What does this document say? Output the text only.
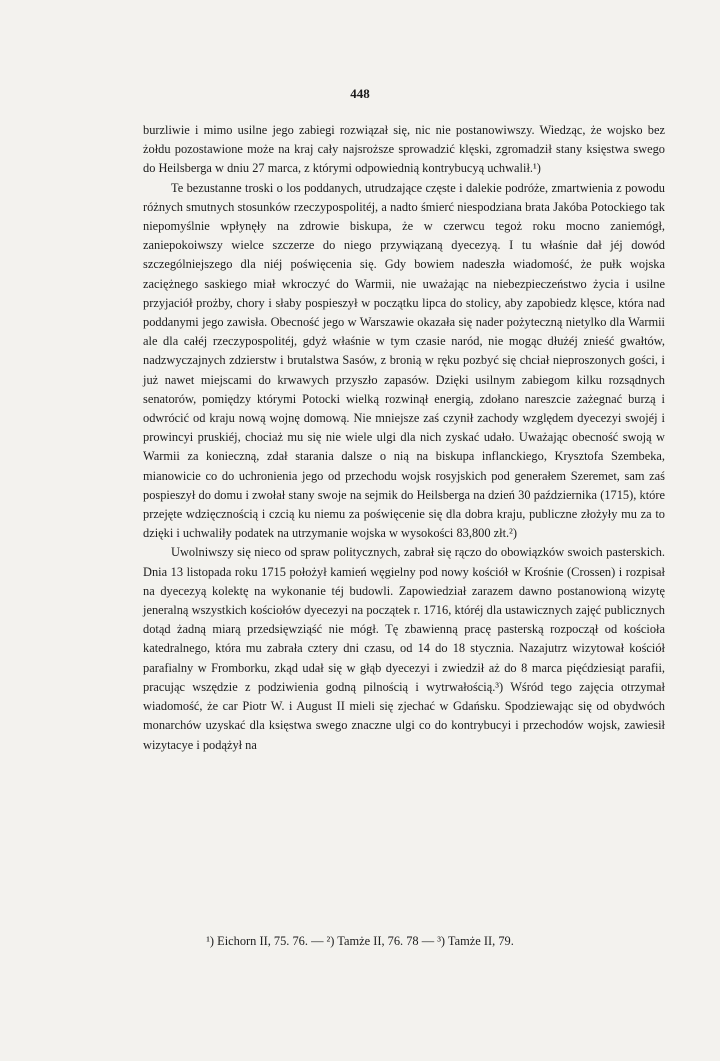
448

burzliwie i mimo usilne jego zabiegi rozwiązał się, nic nie postanowiwszy. Wiedząc, że wojsko bez żołdu pozostawione może na kraj cały najsroższe sprowadzić klęski, zgromadził stany księstwa swego do Heilsberga w dniu 27 marca, z którymi odpowiednią kontrybucyą uchwalił.¹)

Te bezustanne troski o los poddanych, utrudzające częste i dalekie podróże, zmartwienia z powodu różnych smutnych stosunków rzeczypospolitéj, a nadto śmierć niespodziana brata Jakóba Potockiego tak niepomyślnie wpłynęły na zdrowie biskupa, że w czerwcu tegoż roku mocno zaniemógł, zaniepokoiwszy wielce szczerze do niego przywiązaną dyecezyą. I tu właśnie dał jéj dowód szczególniejszego dla niéj poświęcenia się. Gdy bowiem nadeszła wiadomość, że pułk wojska zaciężnego saskiego miał wkroczyć do Warmii, nie uważając na niebezpieczeństwo życia i usilne przyjaciół prożby, chory i słaby pospieszył w początku lipca do stolicy, aby zapobiedz klęsce, która nad poddanymi jego zawisła. Obecność jego w Warszawie okazała się nader pożyteczną nietylko dla Warmii ale dla całéj rzeczypospolitéj, gdyż właśnie w tym czasie naród, nie mogąc dłużéj znieść gwałtów, nadzwyczajnych zdzierstw i brutalstwa Sasów, z bronią w ręku pozbyć się chciał nieproszonych gości, i już nawet miejscami do krwawych przyszło zapasów. Dzięki usilnym zabiegom kilku rozsądnych senatorów, pomiędzy którymi Potocki wielką rozwinął energią, zdołano nareszcie zażegnać burzą i odwrócić od kraju nową wojnę domową. Nie mniejsze zaś czynił zachody względem dyecezyi swojéj i prowincyi pruskiéj, chociaż mu się nie wiele ulgi dla nich zyskać udało. Uważając obecność swoją w Warmii za konieczną, zdał starania dalsze o nią na biskupa inflanckiego, Krysztofa Szembeka, mianowicie co do uchronienia jego od przechodu wojsk rosyjskich pod generałem Szeremet, sam zaś pospieszył do domu i zwołał stany swoje na sejmik do Heilsberga na dzień 30 października (1715), które przejęte wdzięcznością i czcią ku niemu za poświęcenie się dla dobra kraju, publiczne złożyły mu za to dzięki i uchwaliły podatek na utrzymanie wojska w wysokości 83,800 złt.²)

Uwolniwszy się nieco od spraw politycznych, zabrał się rączo do obowiązków swoich pasterskich. Dnia 13 listopada roku 1715 położył kamień węgielny pod nowy kościół w Krośnie (Crossen) i rozpisał na dyecezyą kolektę na wykonanie téj budowli. Zapowiedział zarazem dawno postanowioną wizytę jeneralną wszystkich kościołów dyecezyi na początek r. 1716, któréj dla ustawicznych zajęć publicznych dotąd żadną miarą przedsięwziąść nie mógł. Tę zbawienną pracę pasterską rozpoczął od kościoła katedralnego, która mu zabrała cztery dni czasu, od 14 do 18 stycznia. Nazajutrz wizytował kościół parafialny w Fromborku, zkąd udał się w głąb dyecezyi i zwiedził aż do 8 marca pięćdziesiąt parafii, pracując wszędzie z podziwienia godną pilnością i wytrwałością.³) Wśród tego zajęcia otrzymał wiadomość, że car Piotr W. i August II mieli się zjechać w Gdańsku. Spodziewając się od obydwóch monarchów uzyskać dla księstwa swego znaczne ulgi co do kontrybucyi i przechodów wojsk, zawiesił wizytacye i podążył na

¹) Eichorn II, 75. 76. — ²) Tamże II, 76. 78 — ³) Tamże II, 79.
